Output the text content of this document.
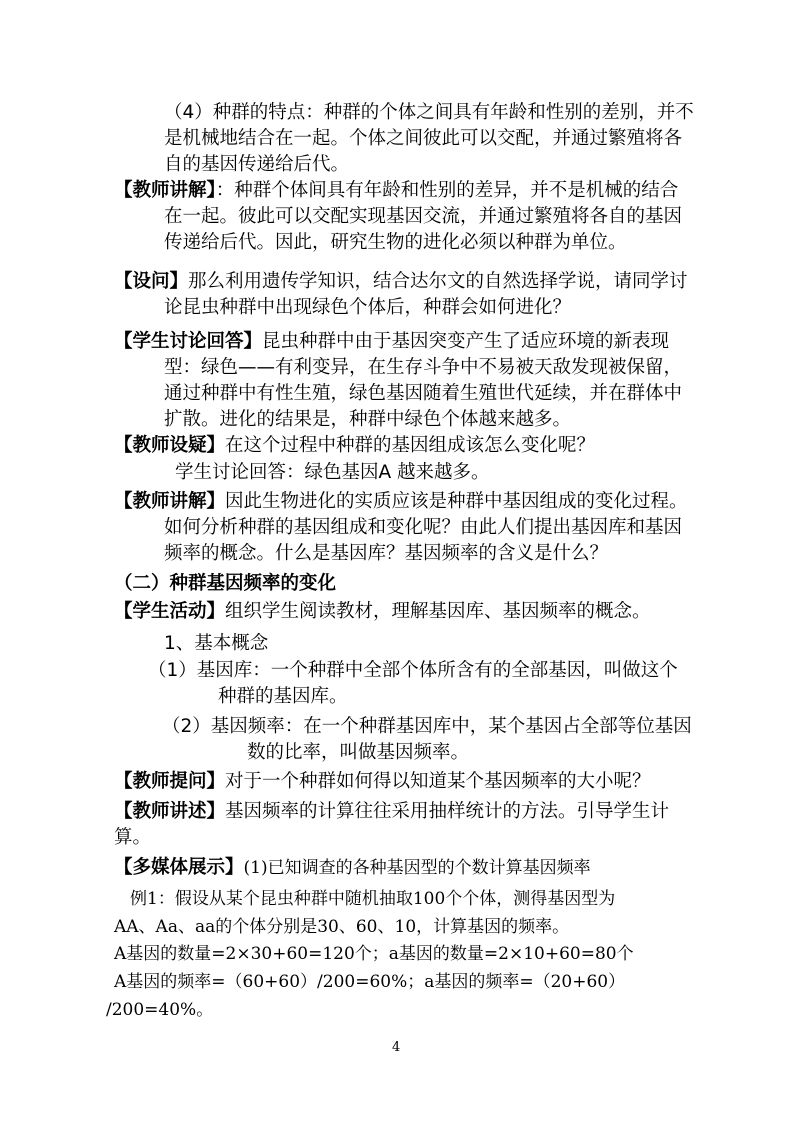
（4）种群的特点：种群的个体之间具有年龄和性别的差别，并不
是机械地结合在一起。个体之间彼此可以交配，并通过繁殖将各
自的基因传递给后代。
【教师讲解】：种群个体间具有年龄和性别的差异，并不是机械的结合
在一起。彼此可以交配实现基因交流，并通过繁殖将各自的基因
传递给后代。因此，研究生物的进化必须以种群为单位。
【设问】那么利用遗传学知识，结合达尔文的自然选择学说，请同学讨
论昆虫种群中出现绿色个体后，种群会如何进化？
【学生讨论回答】昆虫种群中由于基因突变产生了适应环境的新表现
型：绿色——有利变异，在生存斗争中不易被天敌发现被保留，
通过种群中有性生殖，绿色基因随着生殖世代延续，并在群体中
扩散。进化的结果是，种群中绿色个体越来越多。
【教师设疑】在这个过程中种群的基因组成该怎么变化呢？
学生讨论回答：绿色基因A 越来越多。
【教师讲解】因此生物进化的实质应该是种群中基因组成的变化过程。
如何分析种群的基因组成和变化呢？由此人们提出基因库和基因
频率的概念。什么是基因库？基因频率的含义是什么？
（二）种群基因频率的变化
【学生活动】组织学生阅读教材，理解基因库、基因频率的概念。
1、基本概念
（1）基因库：一个种群中全部个体所含有的全部基因，叫做这个
种群的基因库。
（2）基因频率：在一个种群基因库中，某个基因占全部等位基因
数的比率，叫做基因频率。
【教师提问】对于一个种群如何得以知道某个基因频率的大小呢？
【教师讲述】基因频率的计算往往采用抽样统计的方法。引导学生计
算。
【多媒体展示】(1)已知调查的各种基因型的个数计算基因频率
例1：假设从某个昆虫种群中随机抽取100个个体，测得基因型为
AA、Aa、aa的个体分别是30、60、10，计算基因的频率。
A基因的数量=2×30+60=120个；a基因的数量=2×10+60=80个
A基因的频率=（60+60）/200=60%；a基因的频率=（20+60）
/200=40%。
4
